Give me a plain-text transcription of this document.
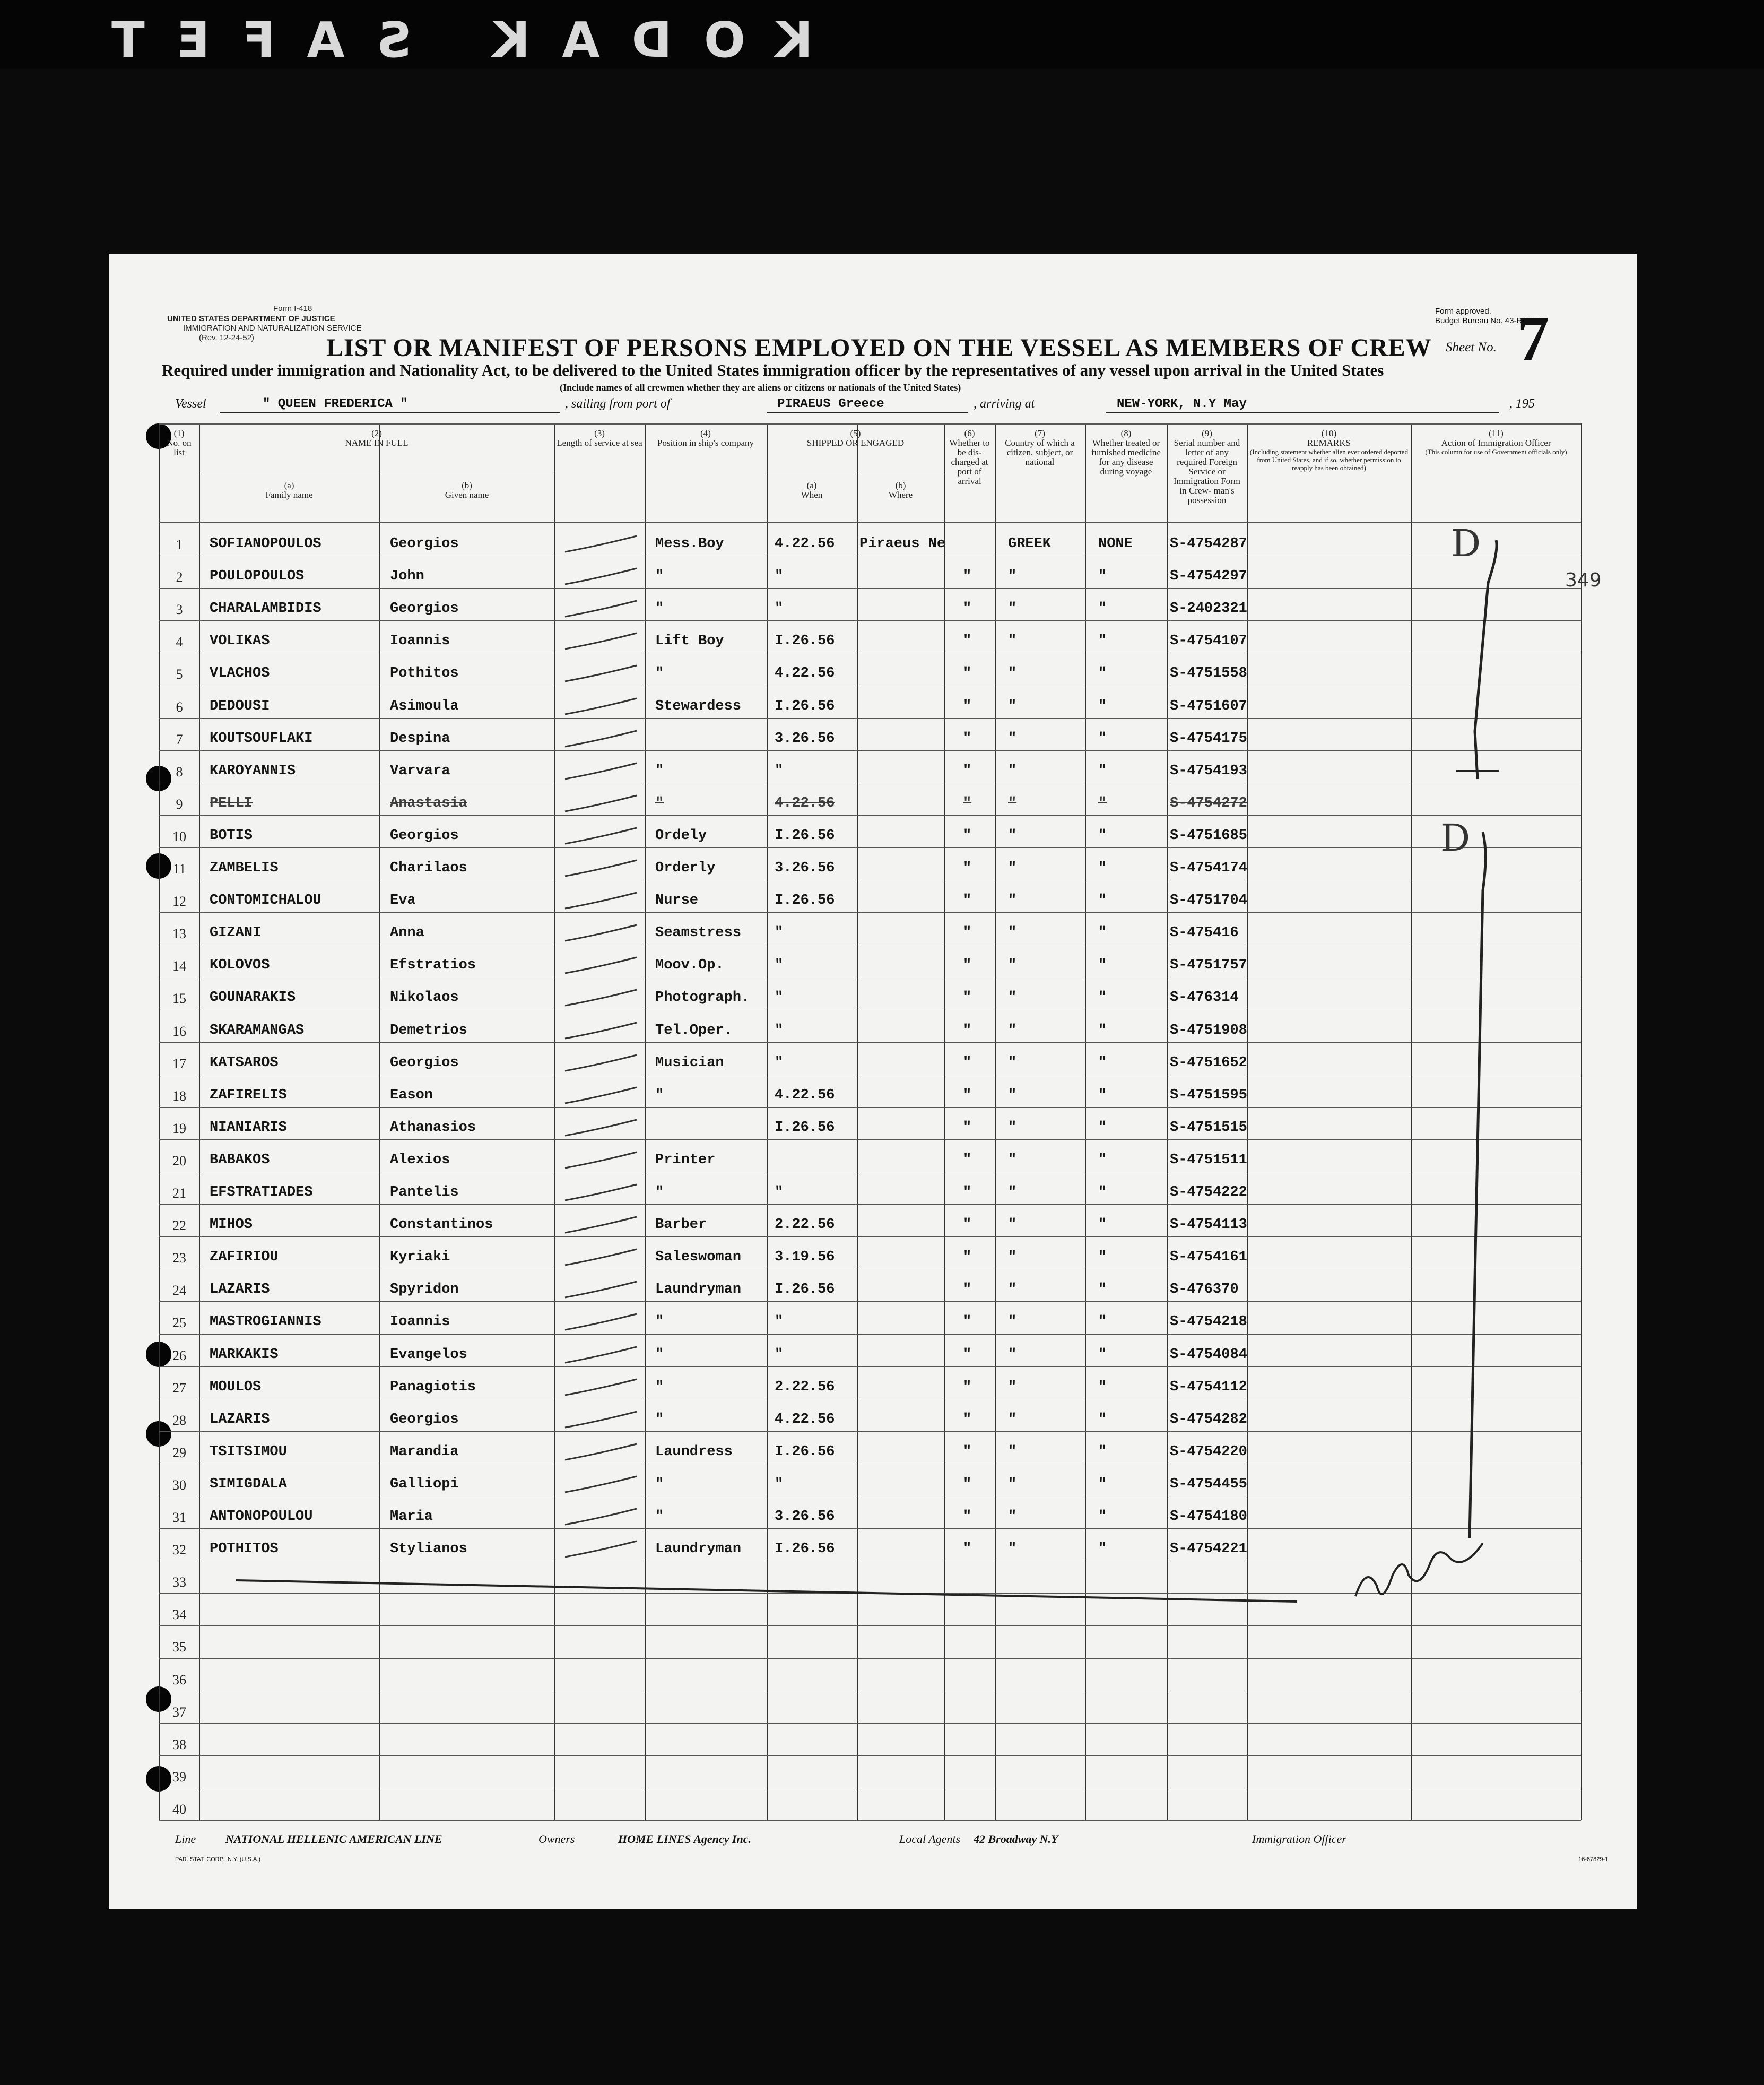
KODAK SAFET
Form I-418
UNITED STATES DEPARTMENT OF JUSTICE
IMMIGRATION AND NATURALIZATION SERVICE
(Rev. 12-24-52)
Form approved.
Budget Bureau No. 43-R068.3.
LIST OR MANIFEST OF PERSONS EMPLOYED ON THE VESSEL AS MEMBERS OF CREW Sheet No. 7
Required under immigration and Nationality Act, to be delivered to the United States immigration officer by the representatives of any vessel upon arrival in the United States
(Include names of all crewmen whether they are aliens or citizens or nationals of the United States)
Vessel	" QUEEN FREDERICA "	, sailing from port of	PIRAEUS Greece	, arriving at	NEW-YORK, N.Y May	, 195
(1)
No. on list
(2)
NAME IN FULL
(a)
Family name
(b)
Given name
(3)
Length of service at sea
(4)
Position in ship's company
(5)
SHIPPED OR ENGAGED
(a)
When
(b)
Where
(6)
Whether to be dis- charged at port of arrival
(7)
Country of which a citizen, subject, or national
(8)
Whether treated or furnished medicine for any disease during voyage
(9)
Serial number and letter of any required Foreign Service or Immigration Form in Crew- man's possession
(10)
REMARKS
(Including statement whether alien ever ordered deported from United States, and if so, whether permission to reapply has been obtained)
(11)
Action of Immigration Officer
(This column for use of Government officials only)
1	SOFIANOPOULOS	Georgios	Mess.Boy	4.22.56 Piraeus Ne	GREEK	NONE	S-4754287
2	POULOPOULOS	John	"	"	"	"	"	S-4754297
3	CHARALAMBIDIS	Georgios	"	"	"	"	"	S-2402321
4	VOLIKAS	Ioannis	Lift Boy	I.26.56	"	"	"	S-4754107
5	VLACHOS	Pothitos	"	4.22.56	"	"	"	S-4751558
6	DEDOUSI	Asimoula	Stewardess I.26.56	"	"	"	S-4751607
7	KOUTSOUFLAKI	Despina	3.26.56	"	"	"	S-4754175
8	KAROYANNIS	Varvara	"	"	"	"	"	S-4754193
9	PELLI	Anastasia	"	4.22.56	"	"	"	S-4754272
10	BOTIS	Georgios	Ordely	I.26.56	"	"	"	S-4751685
11	ZAMBELIS	Charilaos	Orderly	3.26.56	"	"	"	S-4754174
12	CONTOMICHALOU	Eva	Nurse	I.26.56	"	"	"	S-4751704
13	GIZANI	Anna	Seamstress "	"	"	"	S-475416
14	KOLOVOS	Efstratios	Moov.Op.	"	"	"	"	S-4751757
15	GOUNARAKIS	Nikolaos	Photograph. "	"	"	"	S-476314
16	SKARAMANGAS	Demetrios	Tel.Oper.	"	"	"	"	S-4751908
17	KATSAROS	Georgios	Musician	"	"	"	"	S-4751652
18	ZAFIRELIS	Eason	"	4.22.56	"	"	"	S-4751595
19	NIANIARIS	Athanasios	I.26.56	"	"	"	S-4751515
20	BABAKOS	Alexios	Printer	"	"	"	S-4751511
21	EFSTRATIADES	Pantelis	"	"	"	"	"	S-4754222
22	MIHOS	Constantinos	Barber	2.22.56	"	"	"	S-4754113
23	ZAFIRIOU	Kyriaki	Saleswoman 3.19.56	"	"	"	S-4754161
24	LAZARIS	Spyridon	Laundryman I.26.56	"	"	"	S-476370
25	MASTROGIANNIS	Ioannis	"	"	"	"	"	S-4754218
26	MARKAKIS	Evangelos	"	"	"	"	"	S-4754084
27	MOULOS	Panagiotis	"	2.22.56	"	"	"	S-4754112
28	LAZARIS	Georgios	"	4.22.56	"	"	"	S-4754282
29	TSITSIMOU	Marandia	Laundress	I.26.56	"	"	"	S-4754220
30	SIMIGDALA	Galliopi	"	"	"	"	"	S-4754455
31	ANTONOPOULOU	Maria	"	3.26.56	"	"	"	S-4754180
32	POTHITOS	Stylianos	Laundryman I.26.56	"	"	"	S-4754221
33
34
35
36
37
38
39
40
Line	NATIONAL HELLENIC AMERICAN LINE	Owners	HOME LINES Agency Inc.	Local Agents 42 Broadway N.Y	Immigration Officer
PAR. STAT. CORP., N.Y. (U.S.A.)	16-67829-1
349
D
D
